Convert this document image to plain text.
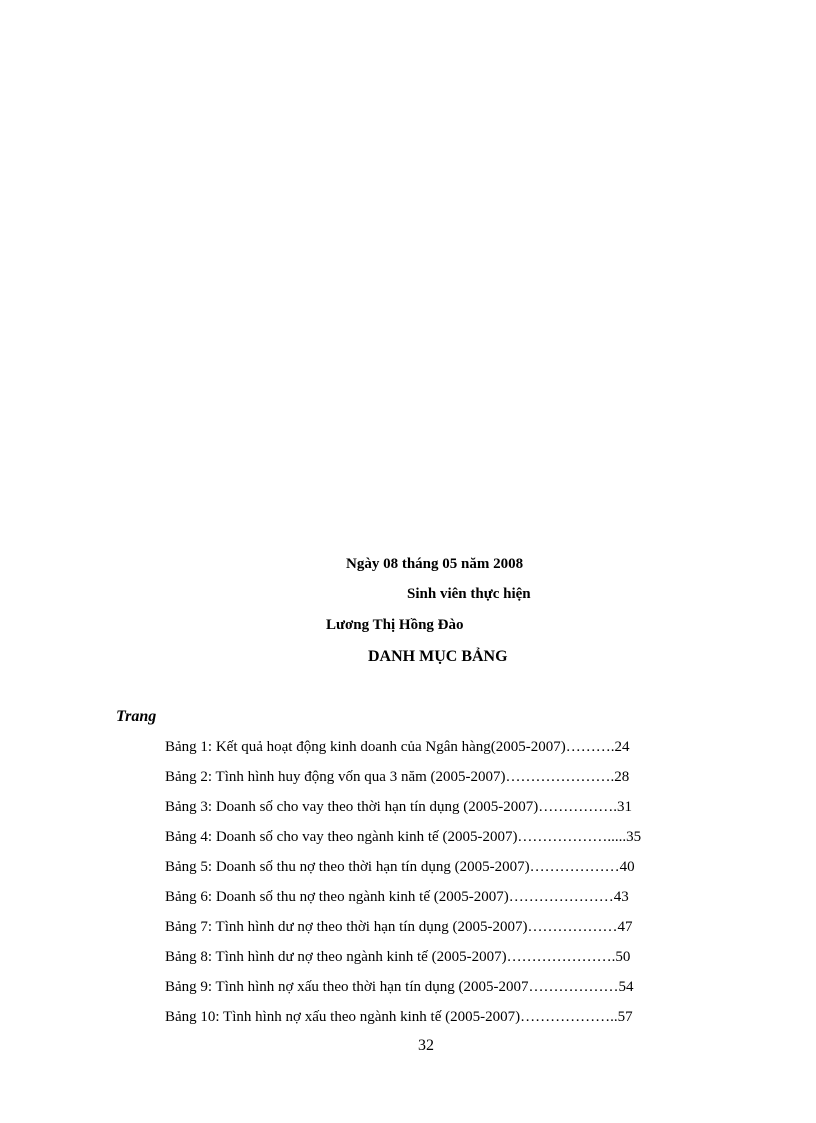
Ngày 08 tháng 05 năm 2008
Sinh viên thực hiện
Lương Thị Hồng Đào
DANH MỤC BẢNG
Trang
Bảng 1: Kết quả hoạt động kinh doanh của Ngân hàng(2005-2007)……….24
Bảng 2: Tình hình huy động vốn qua 3 năm (2005-2007)………………….28
Bảng 3: Doanh số cho vay theo thời hạn tín dụng (2005-2007)…………….31
Bảng 4: Doanh số cho vay theo ngành kinh tế (2005-2007)……………….....35
Bảng 5: Doanh số thu nợ theo thời hạn tín dụng (2005-2007)………………40
Bảng 6: Doanh số thu nợ theo ngành kinh tế (2005-2007)…………………43
Bảng 7: Tình hình dư nợ theo thời hạn tín dụng (2005-2007)………………47
Bảng 8: Tình hình dư nợ theo ngành kinh tế (2005-2007)………………….50
Bảng 9: Tình hình nợ xấu theo thời hạn tín dụng (2005-2007………………54
Bảng 10: Tình hình nợ xấu theo ngành kinh tế (2005-2007)………………..57
32
